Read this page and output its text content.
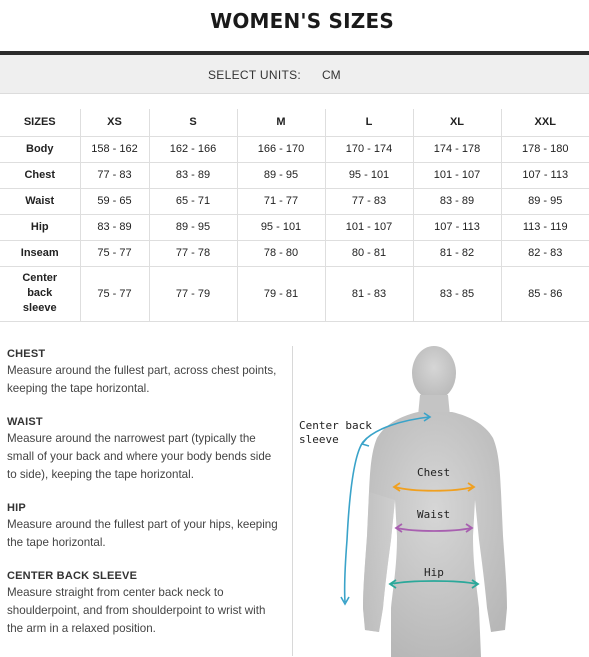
WOMEN'S SIZES
SELECT UNITS: CM
SIZES	XS	S	M	L	XL	XXL
Body	158 - 162	162 - 166	166 - 170	170 - 174	174 - 178	178 - 180
Chest	77 - 83	83 - 89	89 - 95	95 - 101	101 - 107	107 - 113
Waist	59 - 65	65 - 71	71 - 77	77 - 83	83 - 89	89 - 95
Hip	83 - 89	89 - 95	95 - 101	101 - 107	107 - 113	113 - 119
Inseam	75 - 77	77 - 78	78 - 80	80 - 81	81 - 82	82 - 83

Center
back
sleeve	75 - 77	77 - 79	79 - 81	81 - 83	83 - 85	85 - 86
CHEST
Measure around the fullest part, across chest points, keeping the tape horizontal.
WAIST
Measure around the narrowest part (typically the small of your back and where your body bends side to side), keeping the tape horizontal.
HIP
Measure around the fullest part of your hips, keeping the tape horizontal.
CENTER BACK SLEEVE
Measure straight from center back neck to shoulderpoint, and from shoulderpoint to wrist with the arm in a relaxed position.
Center back
sleeve
Chest
Waist
Hip
